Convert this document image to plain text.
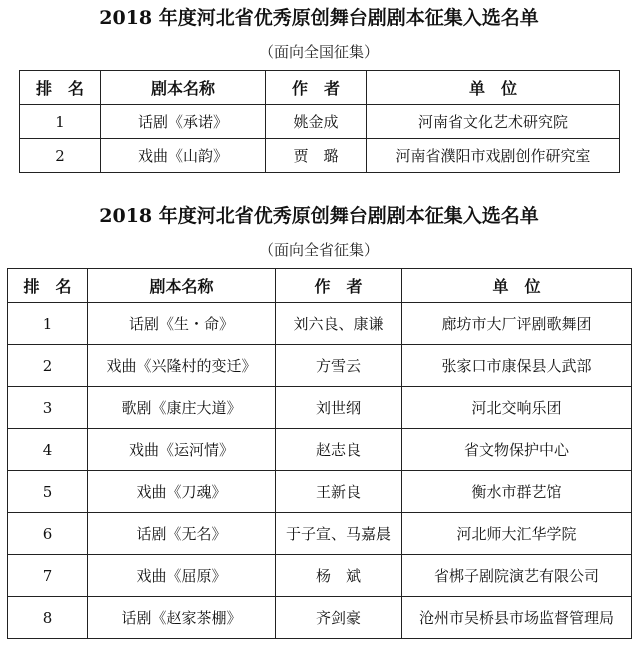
2018 年度河北省优秀原创舞台剧剧本征集入选名单
（面向全国征集）
排　名	剧本名称	作　者	单　位
1	话剧《承诺》	姚金成	河南省文化艺术研究院
2	戏曲《山韵》	贾　璐	河南省濮阳市戏剧创作研究室
2018 年度河北省优秀原创舞台剧剧本征集入选名单
（面向全省征集）
排　名	剧本名称	作　者	单　位
1	话剧《生・命》	刘六良、康谦	廊坊市大厂评剧歌舞团
2	戏曲《兴隆村的变迁》	方雪云	张家口市康保县人武部
3	歌剧《康庄大道》	刘世纲	河北交响乐团
4	戏曲《运河情》	赵志良	省文物保护中心
5	戏曲《刀魂》	王新良	衡水市群艺馆
6	话剧《无名》	于子宣、马嘉晨	河北师大汇华学院
7	戏曲《屈原》	杨　斌	省梆子剧院演艺有限公司
8	话剧《赵家茶棚》	齐剑豪	沧州市吴桥县市场监督管理局
